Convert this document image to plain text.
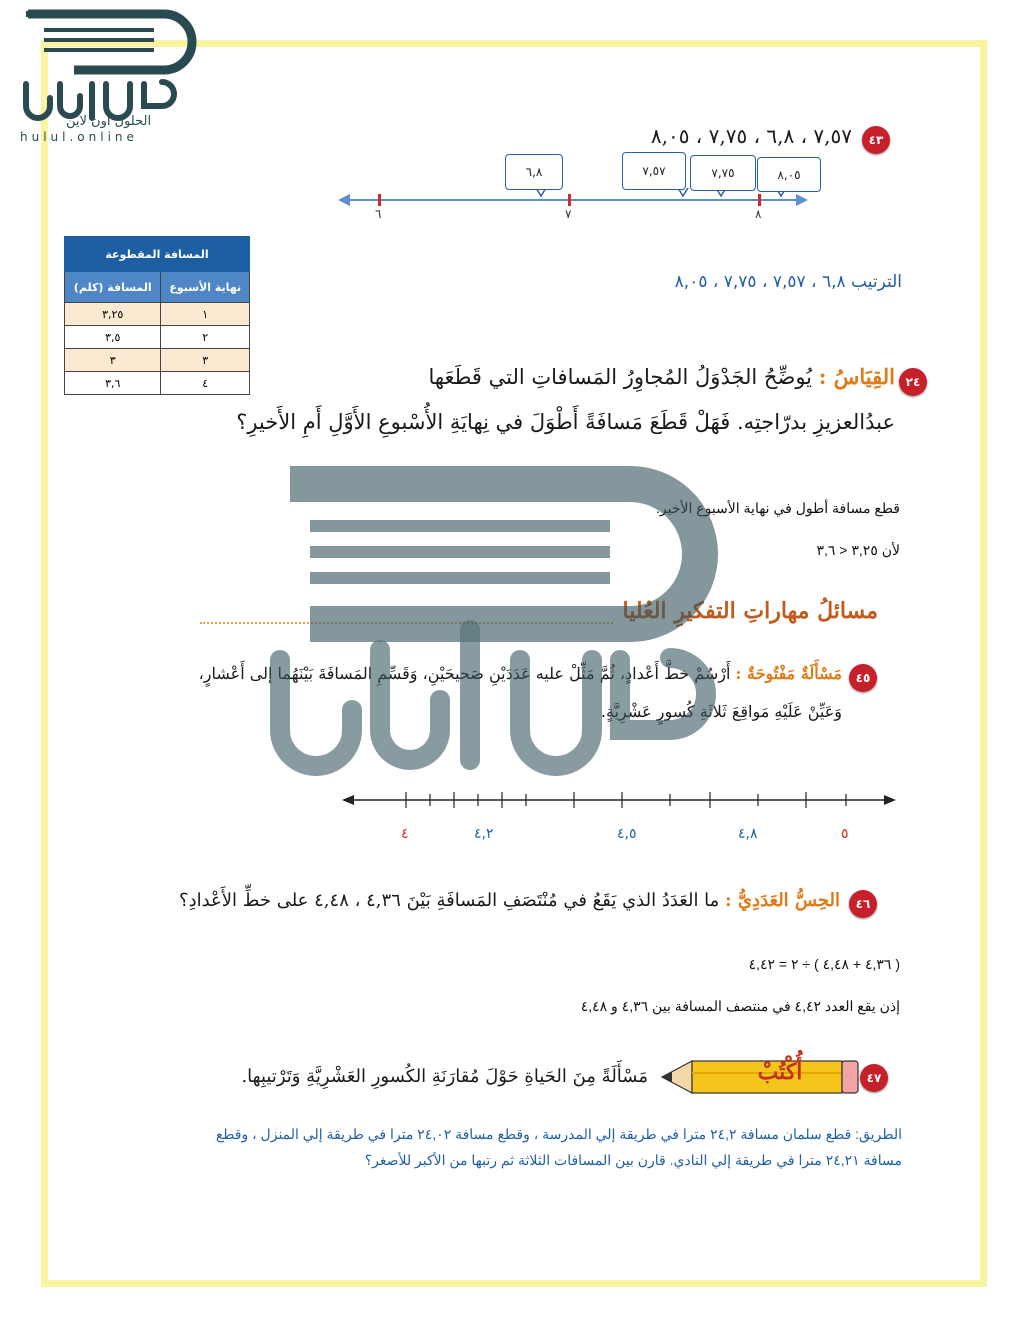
الحلول اون لاين
hulul.online	٤٣
٧,٥٧ ، ٦,٨ ، ٧,٧٥ ، ٨,٠٥
٦,٨	٧,٥٧	٧,٧٥	٨,٠٥
٦	٧	٨
الترتيب ٦,٨ ، ٧,٥٧ ، ٧,٧٥ ، ٨,٠٥
المسافة المقطوعة	
المسافة (كلم)	نهاية الأسبوع
٣,٢٥	١
٣,٥	٢
٣	٣
٣,٦	٤	٢٤
القِيَاسُ : يُوضِّحُ الجَدْوَلُ المُجاوِرُ المَسافاتِ التي قَطَعَها
عبدُالعزيزِ بدرّاجتِه. فَهَلْ قَطَعَ مَسافَةً أَطْوَلَ في نِهايَةِ الأُسْبوعِ الأَوَّلِ أَمِ الأَخيرِ؟
قطع مسافة أطول في نهاية الأسبوع الأخير.
لأن ٣,٢٥ < ٣,٦
مسائلُ مهاراتِ التفكيرِ العُليا
٤٥
مَسْأَلَةٌ مَفْتُوحَةٌ : أَرْسُمْ خطَّ أَعْدادٍ، ثُمَّ مَثِّلْ عليه عَدَدَيْنِ صَحيحَيْنِ، وَقَسِّمِ المَسافَةَ بَيْنَهُما إلى أَعْشارٍ،
وَعَيِّنْ عَلَيْهِ مَواقِعَ ثَلاثَةِ كُسورٍ عَشْرِيَّةٍ.
٤	٤,٢	٤,٥	٤,٨	٥
٤٦
الحِسُّ العَدَدِيُّ : ما العَدَدُ الذي يَقَعُ في مُنْتَصَفِ المَسافَةِ بَيْنَ ٤,٣٦ ، ٤,٤٨ على خطِّ الأَعْدادِ؟
( ٤,٣٦ + ٤,٤٨ ) ÷ ٢ = ٤,٤٢
إذن يقع العدد ٤,٤٢ في منتصف المسافة بين ٤,٣٦ و ٤,٤٨
٤٧
أُكْتُبْ
مَسْأَلَةً مِنَ الحَياةِ حَوْلَ مُقارَنَةِ الكُسورِ العَشْرِيَّةِ وَتَرْتيبِها.
الطريق: قطع سلمان مسافة ٢٤,٢ مترا في طريقة إلي المدرسة ، وقطع مسافة ٢٤,٠٢ مترا في طريقة إلي المنزل ، وقطع
مسافة ٢٤,٢١ مترا في طريقة إلي النادي. قارن بين المسافات الثلاثة ثم رتبها من الأكبر للأصغر؟
